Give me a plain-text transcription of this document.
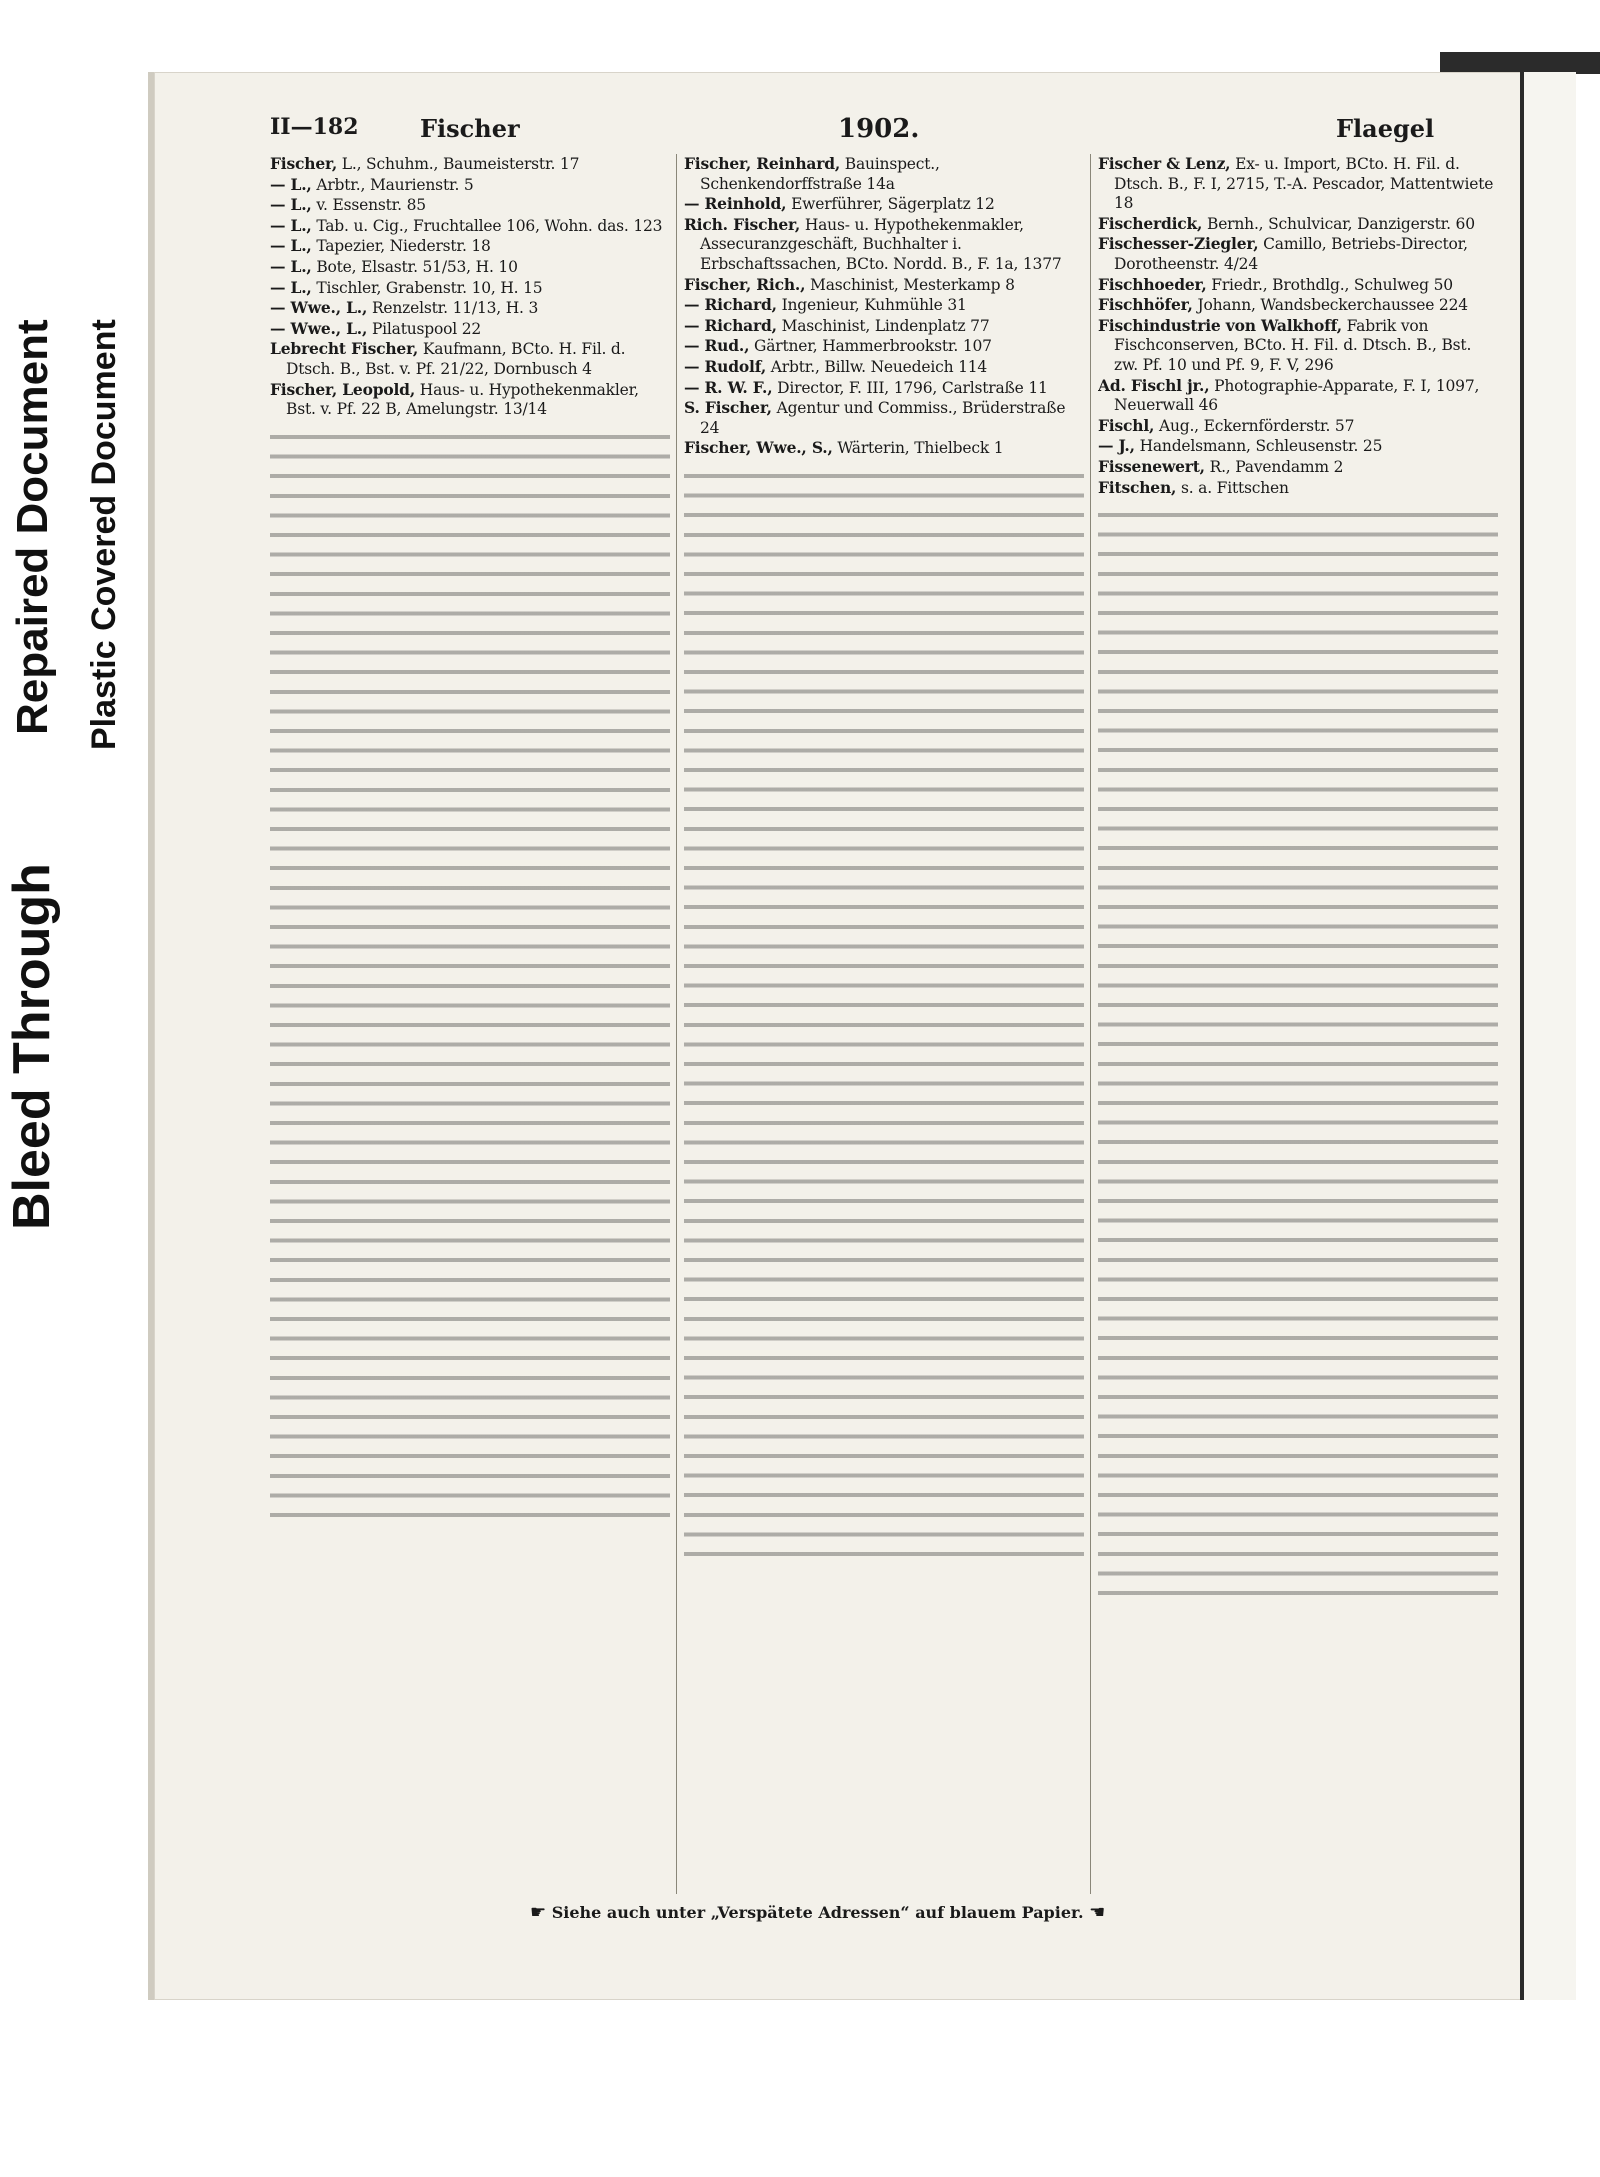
Bleed Through
Repaired Document Plastic Covered Document
II—182	Fischer	1902.	Flaegel
Fischer, L., Schuhm., Baumeisterstr. 17
— L., Arbtr., Maurienstr. 5
— L., v. Essenstr. 85
— L., Tab. u. Cig., Fruchtallee 106, Wohn. das. 123
— L., Tapezier, Niederstr. 18
— L., Bote, Elsastr. 51/53, H. 10
— L., Tischler, Grabenstr. 10, H. 15
— Wwe., L., Renzelstr. 11/13, H. 3
— Wwe., L., Pilatuspool 22
Lebrecht Fischer, Kaufmann, BCto. H. Fil. d. Dtsch. B., Bst. v. Pf. 21/22, Dornbusch 4
Fischer, Leopold, Haus- u. Hypothekenmakler, Bst. v. Pf. 22 B, Amelungstr. 13/14
Fischer, Reinhard, Bauinspect., Schenkendorffstraße 14a
— Reinhold, Ewerführer, Sägerplatz 12
Rich. Fischer, Haus- u. Hypothekenmakler, Assecuranzgeschäft, Buchhalter i. Erbschaftssachen, BCto. Nordd. B., F. 1a, 1377
Fischer, Rich., Maschinist, Mesterkamp 8
— Richard, Ingenieur, Kuhmühle 31
— Richard, Maschinist, Lindenplatz 77
— Rud., Gärtner, Hammerbrookstr. 107
— Rudolf, Arbtr., Billw. Neuedeich 114
— R. W. F., Director, F. III, 1796, Carlstraße 11
S. Fischer, Agentur und Commiss., Brüderstraße 24
Fischer, Wwe., S., Wärterin, Thielbeck 1
Fischer & Lenz, Ex- u. Import, BCto. H. Fil. d. Dtsch. B., F. I, 2715, T.-A. Pescador, Mattentwiete 18
Fischerdick, Bernh., Schulvicar, Danzigerstr. 60
Fischesser-Ziegler, Camillo, Betriebs-Director, Dorotheenstr. 4/24
Fischhoeder, Friedr., Brothdlg., Schulweg 50
Fischhöfer, Johann, Wandsbeckerchaussee 224
Fischindustrie von Walkhoff, Fabrik von Fischconserven, BCto. H. Fil. d. Dtsch. B., Bst. zw. Pf. 10 und Pf. 9, F. V, 296
Ad. Fischl jr., Photographie-Apparate, F. I, 1097, Neuerwall 46
Fischl, Aug., Eckernförderstr. 57
— J., Handelsmann, Schleusenstr. 25
Fissenewert, R., Pavendamm 2
Fitschen, s. a. Fittschen
☛ Siehe auch unter „Verspätete Adressen“ auf blauem Papier. ☚
